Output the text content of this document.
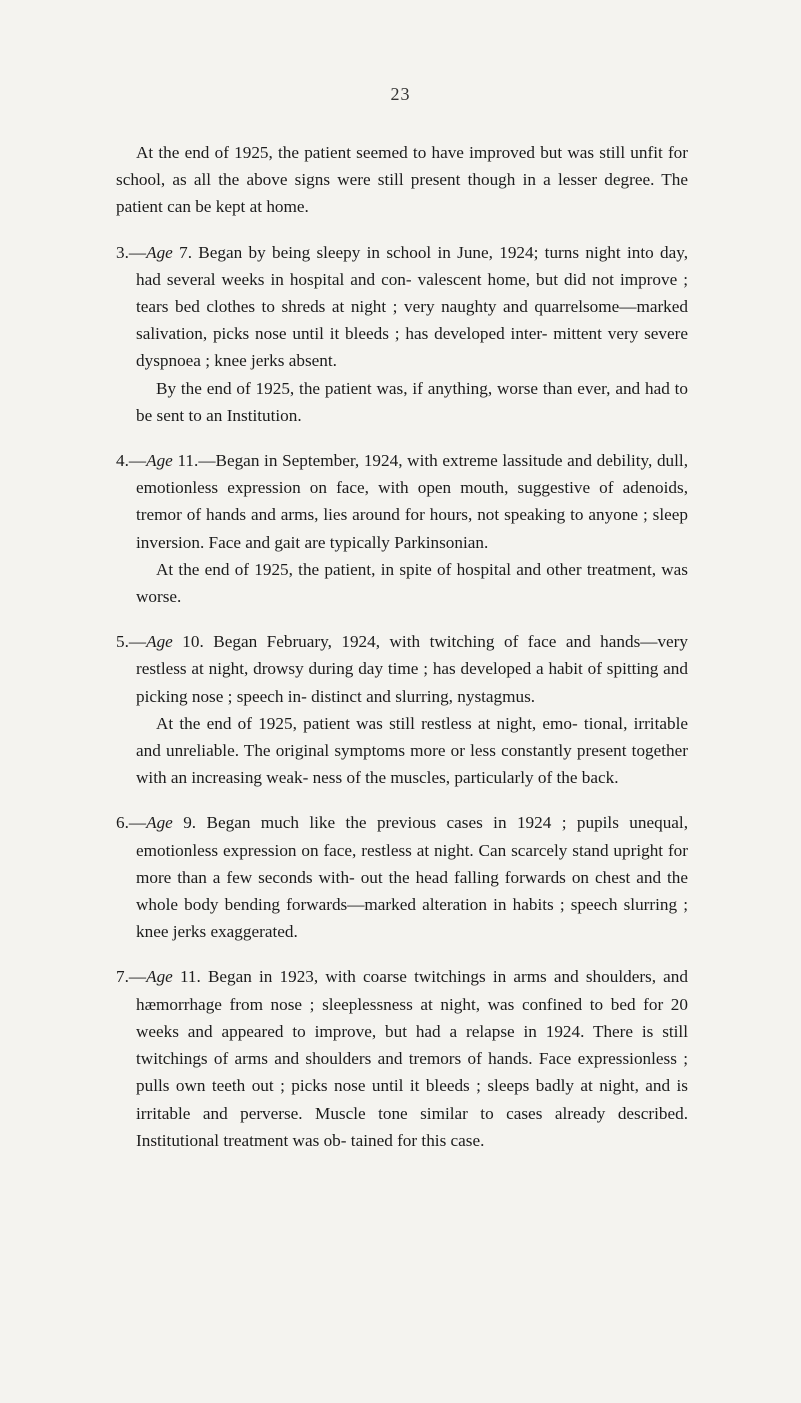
23

At the end of 1925, the patient seemed to have improved but was still unfit for school, as all the above signs were still present though in a lesser degree. The patient can be kept at home.

3.—Age 7. Began by being sleepy in school in June, 1924; turns night into day, had several weeks in hospital and con- valescent home, but did not improve ; tears bed clothes to shreds at night ; very naughty and quarrelsome—marked salivation, picks nose until it bleeds ; has developed inter- mittent very severe dyspnoea ; knee jerks absent.

By the end of 1925, the patient was, if anything, worse than ever, and had to be sent to an Institution.

4.—Age 11.—Began in September, 1924, with extreme lassitude and debility, dull, emotionless expression on face, with open mouth, suggestive of adenoids, tremor of hands and arms, lies around for hours, not speaking to anyone ; sleep inversion. Face and gait are typically Parkinsonian.

At the end of 1925, the patient, in spite of hospital and other treatment, was worse.

5.—Age 10. Began February, 1924, with twitching of face and hands—very restless at night, drowsy during day time ; has developed a habit of spitting and picking nose ; speech in- distinct and slurring, nystagmus.

At the end of 1925, patient was still restless at night, emo- tional, irritable and unreliable. The original symptoms more or less constantly present together with an increasing weak- ness of the muscles, particularly of the back.

6.—Age 9. Began much like the previous cases in 1924 ; pupils unequal, emotionless expression on face, restless at night. Can scarcely stand upright for more than a few seconds with- out the head falling forwards on chest and the whole body bending forwards—marked alteration in habits ; speech slurring ; knee jerks exaggerated.

7.—Age 11. Began in 1923, with coarse twitchings in arms and shoulders, and hæmorrhage from nose ; sleeplessness at night, was confined to bed for 20 weeks and appeared to improve, but had a relapse in 1924. There is still twitchings of arms and shoulders and tremors of hands. Face expressionless ; pulls own teeth out ; picks nose until it bleeds ; sleeps badly at night, and is irritable and perverse. Muscle tone similar to cases already described. Institutional treatment was ob- tained for this case.
